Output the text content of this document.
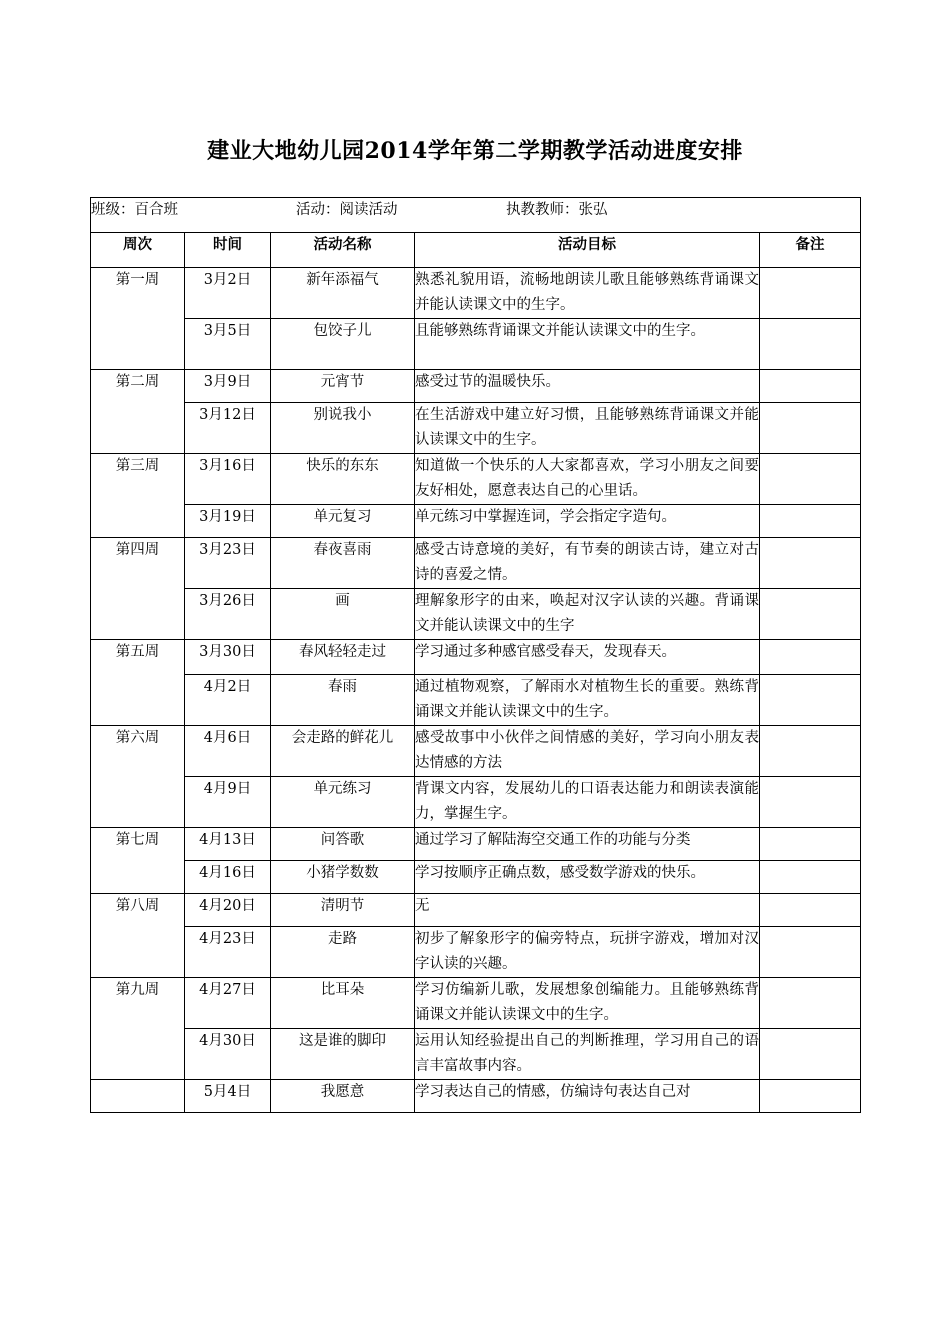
建业大地幼儿园2014学年第二学期教学活动进度安排
班级：百合班 活动：阅读活动 执教教师：张弘				
周次	时间	活动名称	活动目标	备注
第一周	3月2日	新年添福气	熟悉礼貌用语，流畅地朗读儿歌且能够熟练背诵课文并能认读课文中的生字。	
	3月5日	包饺子儿	且能够熟练背诵课文并能认读课文中的生字。	
第二周	3月9日	元宵节	感受过节的温暖快乐。	
	3月12日	别说我小	在生活游戏中建立好习惯，且能够熟练背诵课文并能认读课文中的生字。	
第三周	3月16日	快乐的东东	知道做一个快乐的人大家都喜欢，学习小朋友之间要友好相处，愿意表达自己的心里话。	
	3月19日	单元复习	单元练习中掌握连词，学会指定字造句。	
第四周	3月23日	春夜喜雨	感受古诗意境的美好，有节奏的朗读古诗，建立对古诗的喜爱之情。	
	3月26日	画	理解象形字的由来，唤起对汉字认读的兴趣。背诵课文并能认读课文中的生字	
第五周	3月30日	春风轻轻走过	学习通过多种感官感受春天，发现春天。	
	4月2日	春雨	通过植物观察，了解雨水对植物生长的重要。熟练背诵课文并能认读课文中的生字。	
第六周	4月6日	会走路的鲜花儿	感受故事中小伙伴之间情感的美好，学习向小朋友表达情感的方法	
	4月9日	单元练习	背课文内容，发展幼儿的口语表达能力和朗读表演能力，掌握生字。	
第七周	4月13日	问答歌	通过学习了解陆海空交通工作的功能与分类	
	4月16日	小猪学数数	学习按顺序正确点数，感受数学游戏的快乐。	
第八周	4月20日	清明节	无	
	4月23日	走路	初步了解象形字的偏旁特点，玩拼字游戏，增加对汉字认读的兴趣。	
第九周	4月27日	比耳朵	学习仿编新儿歌，发展想象创编能力。且能够熟练背诵课文并能认读课文中的生字。	
	4月30日	这是谁的脚印	运用认知经验提出自己的判断推理，学习用自己的语言丰富故事内容。	
	5月4日	我愿意	学习表达自己的情感，仿编诗句表达自己对	
